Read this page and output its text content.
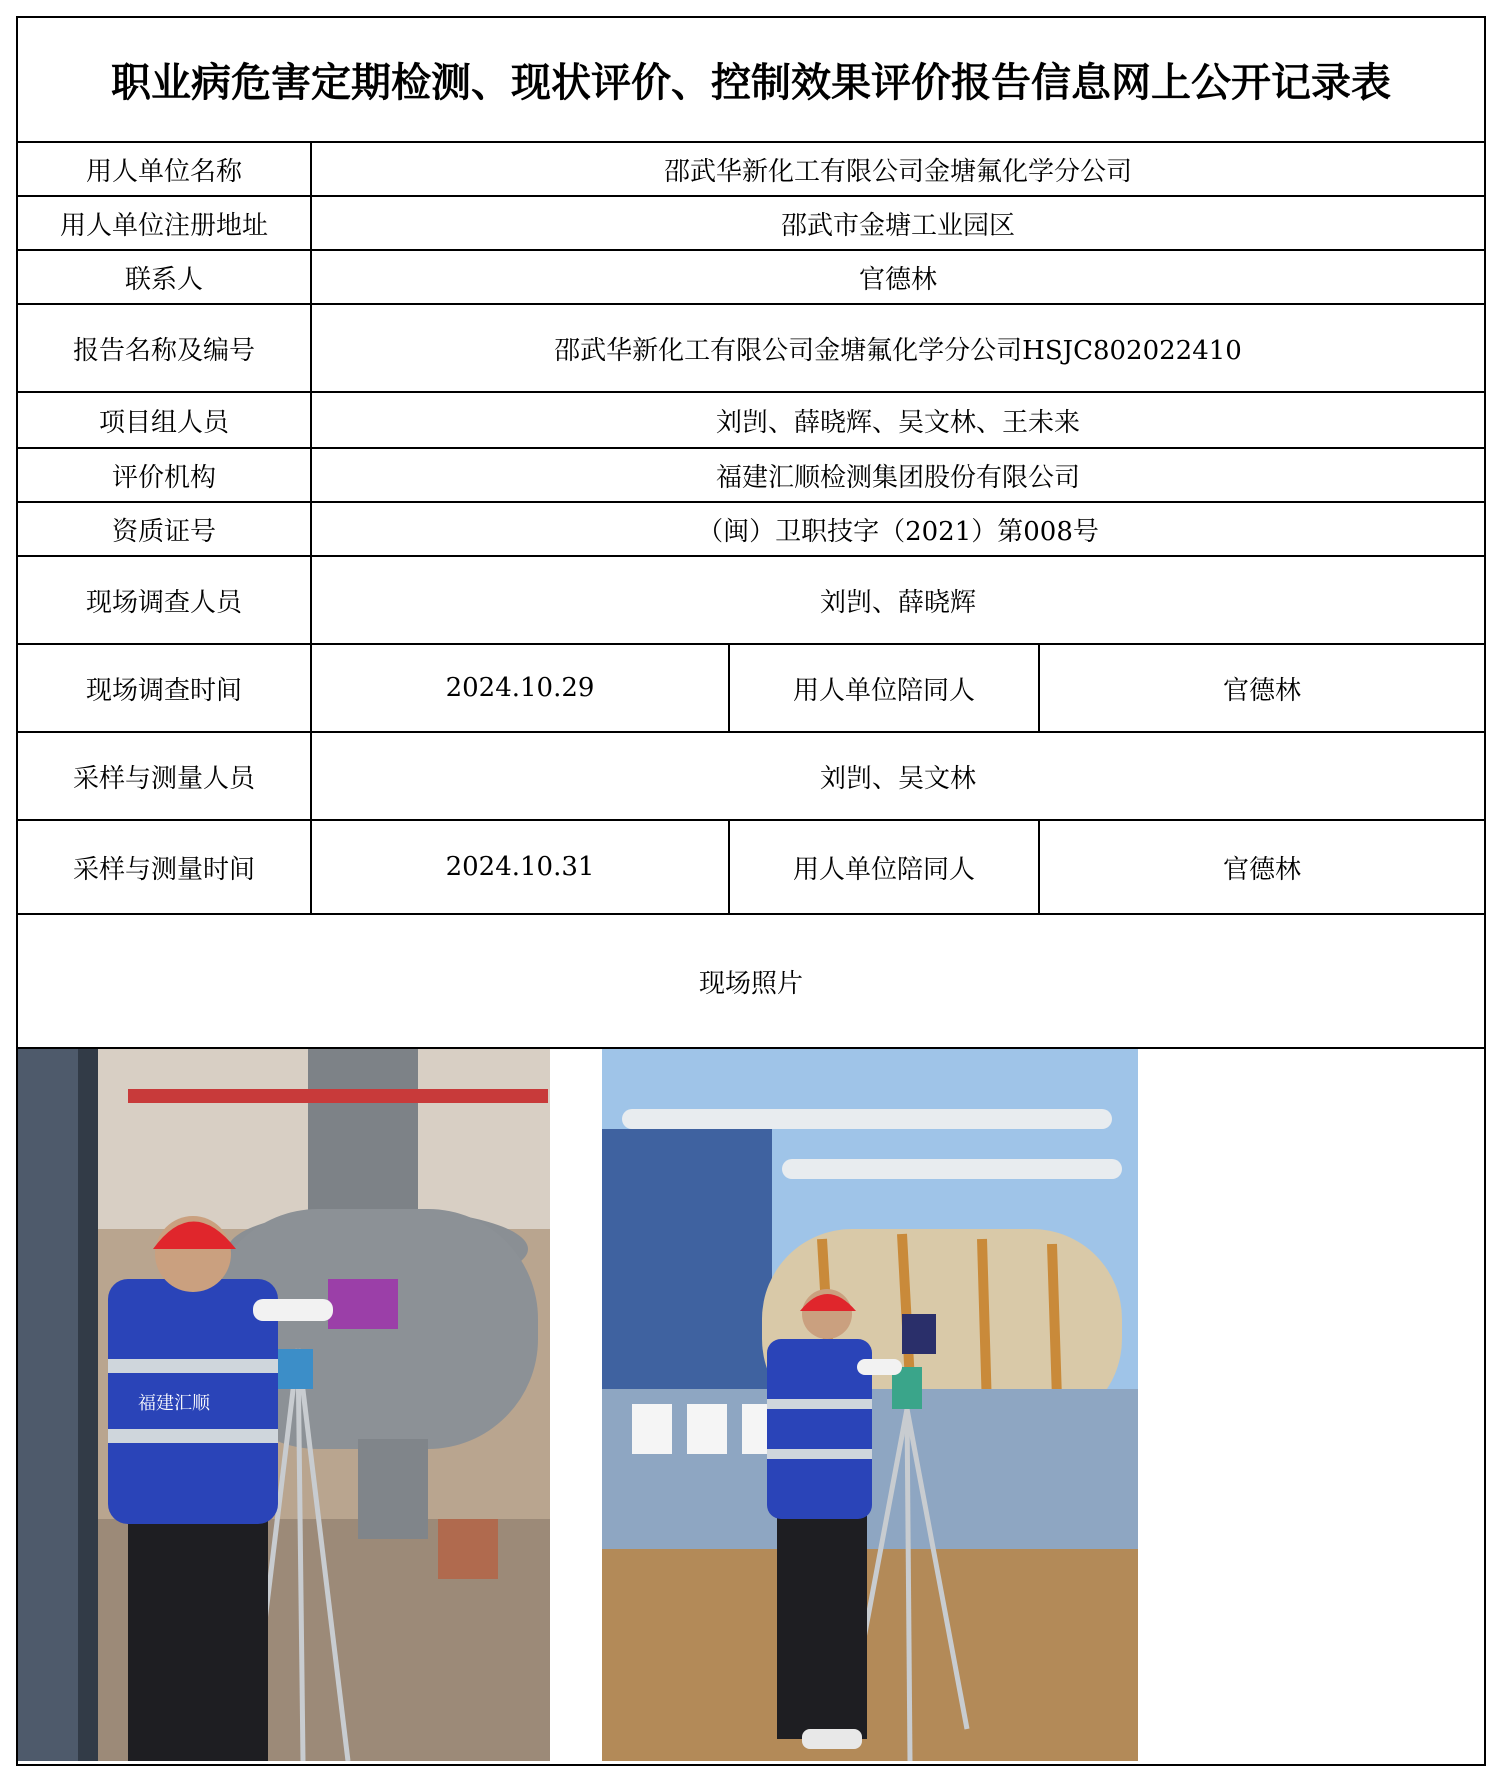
职业病危害定期检测、现状评价、控制效果评价报告信息网上公开记录表
用人单位名称	邵武华新化工有限公司金塘氟化学分公司
用人单位注册地址	邵武市金塘工业园区
联系人	官德林
报告名称及编号	邵武华新化工有限公司金塘氟化学分公司HSJC802022410
项目组人员	刘剀、薛晓辉、吴文林、王未来
评价机构	福建汇顺检测集团股份有限公司
资质证号	（闽）卫职技字（2021）第008号
现场调查人员	刘剀、薛晓辉
现场调查时间	2024.10.29	用人单位陪同人	官德林
采样与测量人员	刘剀、吴文林
采样与测量时间	2024.10.31	用人单位陪同人	官德林
现场照片
福建汇顺
